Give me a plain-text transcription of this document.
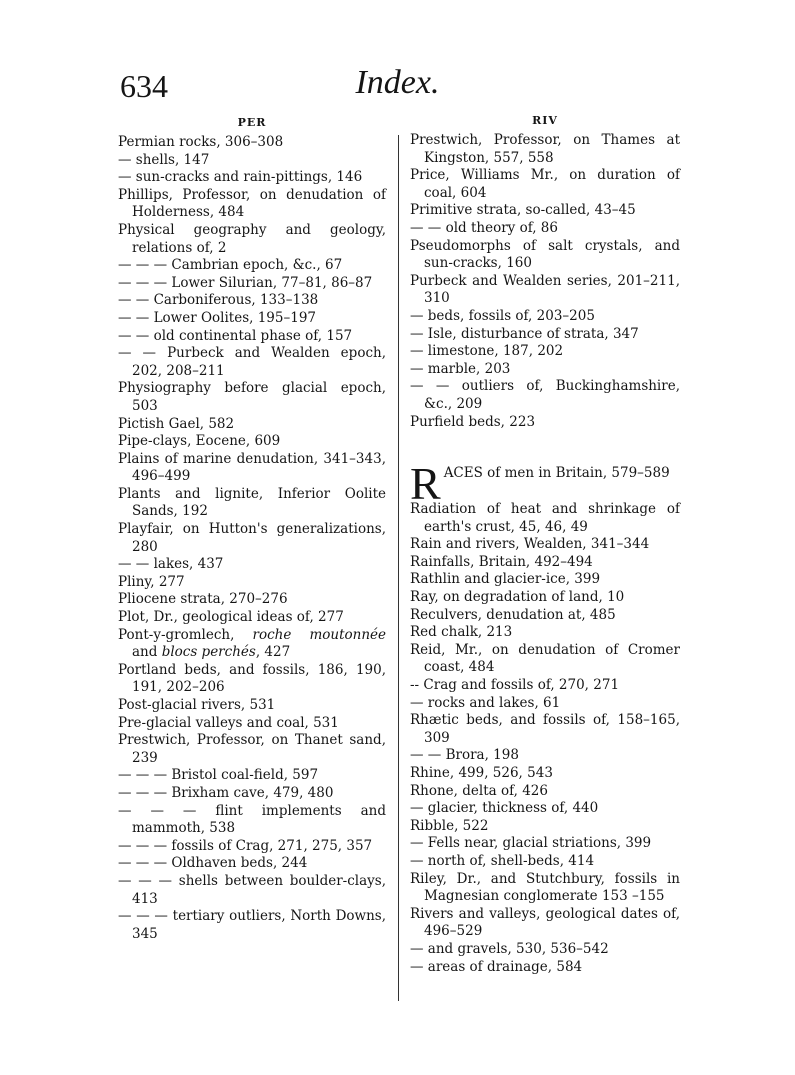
634	Index.
PER
Permian rocks, 306–308
— shells, 147
— sun-cracks and rain-pittings, 146
Phillips, Professor, on denudation of Holderness, 484
Physical geography and geology, relations of, 2
— — — Cambrian epoch, &c., 67
— — — Lower Silurian, 77–81, 86–87
— — Carboniferous, 133–138
— — Lower Oolites, 195–197
— — old continental phase of, 157
— — Purbeck and Wealden epoch, 202, 208–211
Physiography before glacial epoch, 503
Pictish Gael, 582
Pipe-clays, Eocene, 609
Plains of marine denudation, 341–343, 496–499
Plants and lignite, Inferior Oolite Sands, 192
Playfair, on Hutton's generalizations, 280
— — lakes, 437
Pliny, 277
Pliocene strata, 270–276
Plot, Dr., geological ideas of, 277
Pont-y-gromlech, roche moutonnée and blocs perchés, 427
Portland beds, and fossils, 186, 190, 191, 202–206
Post-glacial rivers, 531
Pre-glacial valleys and coal, 531
Prestwich, Professor, on Thanet sand, 239
— — — Bristol coal-field, 597
— — — Brixham cave, 479, 480
— — — flint implements and mammoth, 538
— — — fossils of Crag, 271, 275, 357
— — — Oldhaven beds, 244
— — — shells between boulder-clays, 413
— — — tertiary outliers, North Downs, 345
RIV
Prestwich, Professor, on Thames at Kingston, 557, 558
Price, Williams Mr., on duration of coal, 604
Primitive strata, so-called, 43–45
— — old theory of, 86
Pseudomorphs of salt crystals, and sun-cracks, 160
Purbeck and Wealden series, 201–211, 310
— beds, fossils of, 203–205
— Isle, disturbance of strata, 347
— limestone, 187, 202
— marble, 203
— — outliers of, Buckinghamshire, &c., 209
Purfield beds, 223
RACES of men in Britain, 579–589
Radiation of heat and shrinkage of earth's crust, 45, 46, 49
Rain and rivers, Wealden, 341–344
Rainfalls, Britain, 492–494
Rathlin and glacier-ice, 399
Ray, on degradation of land, 10
Reculvers, denudation at, 485
Red chalk, 213
Reid, Mr., on denudation of Cromer coast, 484
-- Crag and fossils of, 270, 271
— rocks and lakes, 61
Rhætic beds, and fossils of, 158–165, 309
— — Brora, 198
Rhine, 499, 526, 543
Rhone, delta of, 426
— glacier, thickness of, 440
Ribble, 522
— Fells near, glacial striations, 399
— north of, shell-beds, 414
Riley, Dr., and Stutchbury, fossils in Magnesian conglomerate 153 –155
Rivers and valleys, geological dates of, 496–529
— and gravels, 530, 536–542
— areas of drainage, 584
